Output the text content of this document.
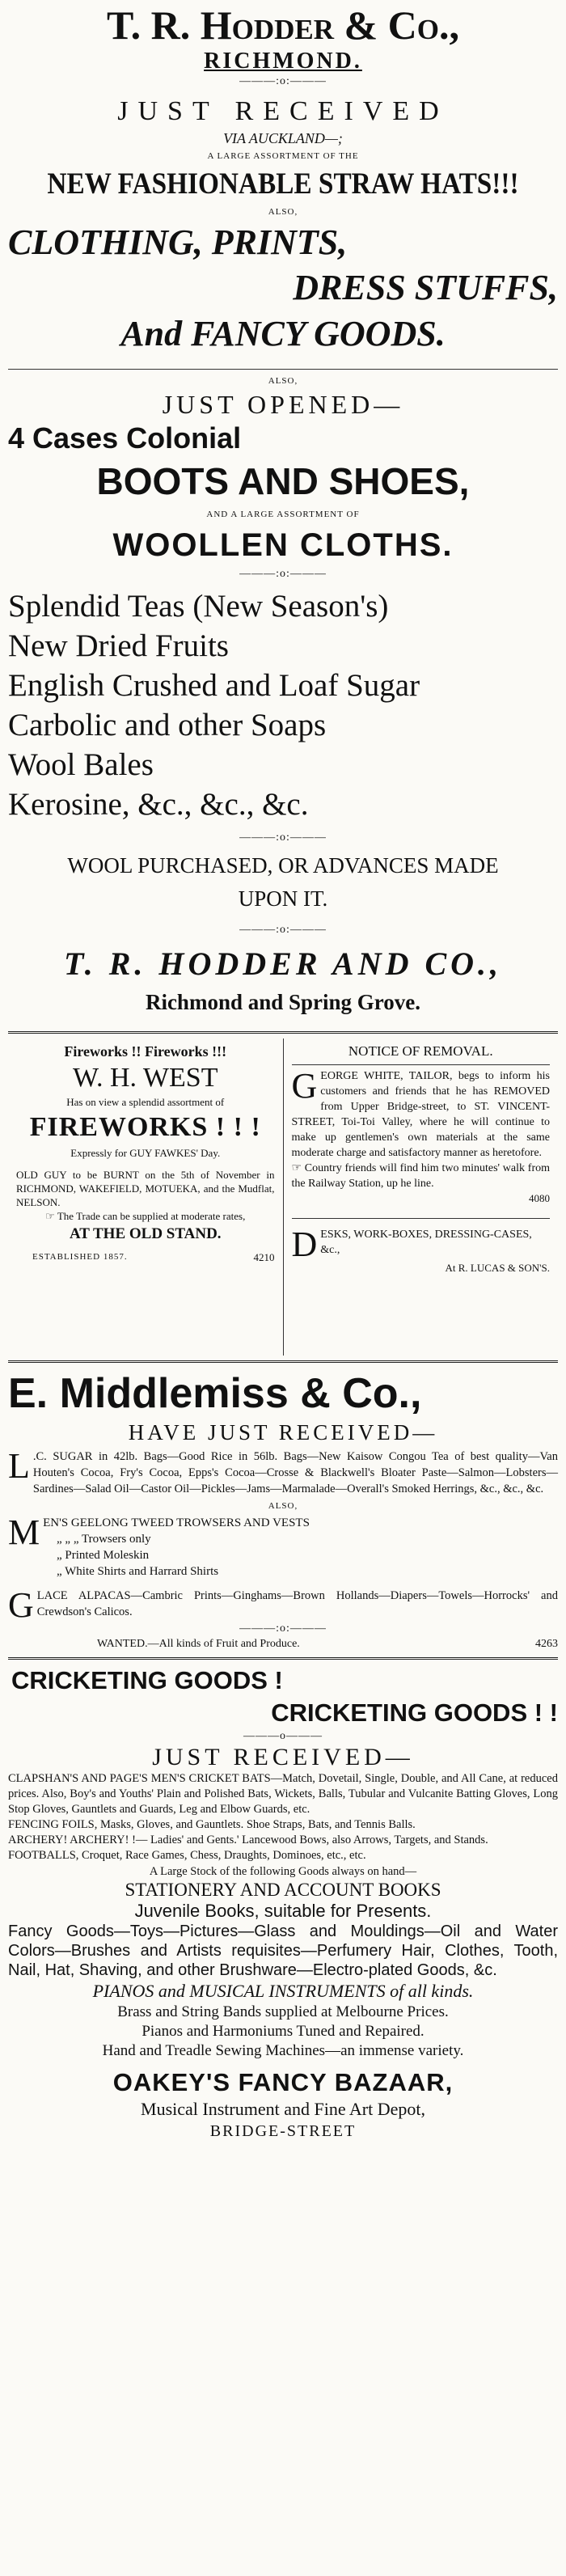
T. R. Hodder & Co.,
RICHMOND.
———:o:———
JUST RECEIVED
VIA AUCKLAND—;
A LARGE ASSORTMENT OF THE
NEW FASHIONABLE STRAW HATS!!!
ALSO,
CLOTHING, PRINTS,
DRESS STUFFS,
And FANCY GOODS.
ALSO,
JUST OPENED—
4 Cases Colonial
BOOTS AND SHOES,
AND A LARGE ASSORTMENT OF
WOOLLEN CLOTHS.
———:o:———
Splendid Teas (New Season's)
New Dried Fruits
English Crushed and Loaf Sugar
Carbolic and other Soaps
Wool Bales
Kerosine, &c., &c., &c.
———:o:———
WOOL PURCHASED, OR ADVANCES MADE
UPON IT.
———:o:———
T. R. HODDER AND CO.,
Richmond and Spring Grove.
Fireworks !! Fireworks !!!
W. H. WEST
Has on view a splendid assortment of
FIREWORKS ! ! !
Expressly for GUY FAWKES' Day.
OLD GUY to be BURNT on the 5th of November in RICHMOND, WAKEFIELD, MOTUEKA, and the Mudflat, NELSON.
☞ The Trade can be supplied at moderate rates,
AT THE OLD STAND.
ESTABLISHED 1857.	4210
NOTICE OF REMOVAL.
G EORGE WHITE, TAILOR, begs to inform his customers and friends that he has REMOVED from Upper Bridge-street, to ST. VINCENT-STREET, Toi-Toi Valley, where he will continue to make up gentlemen's own materials at the same moderate charge and satisfactory manner as heretofore.
☞ Country friends will find him two minutes' walk from the Railway Station, up he line.
4080
D ESKS, WORK-BOXES, DRESSING-CASES, &c.,
At R. LUCAS & SON'S.
E. Middlemiss & Co.,
HAVE JUST RECEIVED—
L .C. SUGAR in 42lb. Bags—Good Rice in 56lb. Bags—New Kaisow Congou Tea of best quality—Van Houten's Cocoa, Fry's Cocoa, Epps's Cocoa—Crosse & Blackwell's Bloater Paste—Salmon—Lobsters—Sardines—Salad Oil—Castor Oil—Pickles—Jams—Marmalade—Overall's Smoked Herrings, &c., &c., &c.
ALSO,
M EN'S GEELONG TWEED TROWSERS AND VESTS
„ „ „ Trowsers only
„ Printed Moleskin
„ White Shirts and Harrard Shirts
G LACE ALPACAS—Cambric Prints—Ginghams—Brown Hollands—Diapers—Towels—Horrocks' and Crewdson's Calicos.
———:o:———
WANTED.—All kinds of Fruit and Produce.	4263
CRICKETING GOODS !
CRICKETING GOODS ! !
———o———
JUST RECEIVED—
CLAPSHAN'S AND PAGE'S MEN'S CRICKET BATS—Match, Dovetail, Single, Double, and All Cane, at reduced prices. Also, Boy's and Youths' Plain and Polished Bats, Wickets, Balls, Tubular and Vulcanite Batting Gloves, Long Stop Gloves, Gauntlets and Guards, Leg and Elbow Guards, etc.
FENCING FOILS, Masks, Gloves, and Gauntlets. Shoe Straps, Bats, and Tennis Balls.
ARCHERY! ARCHERY! !— Ladies' and Gents.' Lancewood Bows, also Arrows, Targets, and Stands.
FOOTBALLS, Croquet, Race Games, Chess, Draughts, Dominoes, etc., etc.
A Large Stock of the following Goods always on hand—
STATIONERY AND ACCOUNT BOOKS
Juvenile Books, suitable for Presents.
Fancy Goods—Toys—Pictures—Glass and Mouldings—Oil and Water Colors—Brushes and Artists requisites—Perfumery Hair, Clothes, Tooth, Nail, Hat, Shaving, and other Brushware—Electro-plated Goods, &c.
PIANOS and MUSICAL INSTRUMENTS of all kinds.
Brass and String Bands supplied at Melbourne Prices.
Pianos and Harmoniums Tuned and Repaired.
Hand and Treadle Sewing Machines—an immense variety.
OAKEY'S FANCY BAZAAR,
Musical Instrument and Fine Art Depot,
BRIDGE-STREET
